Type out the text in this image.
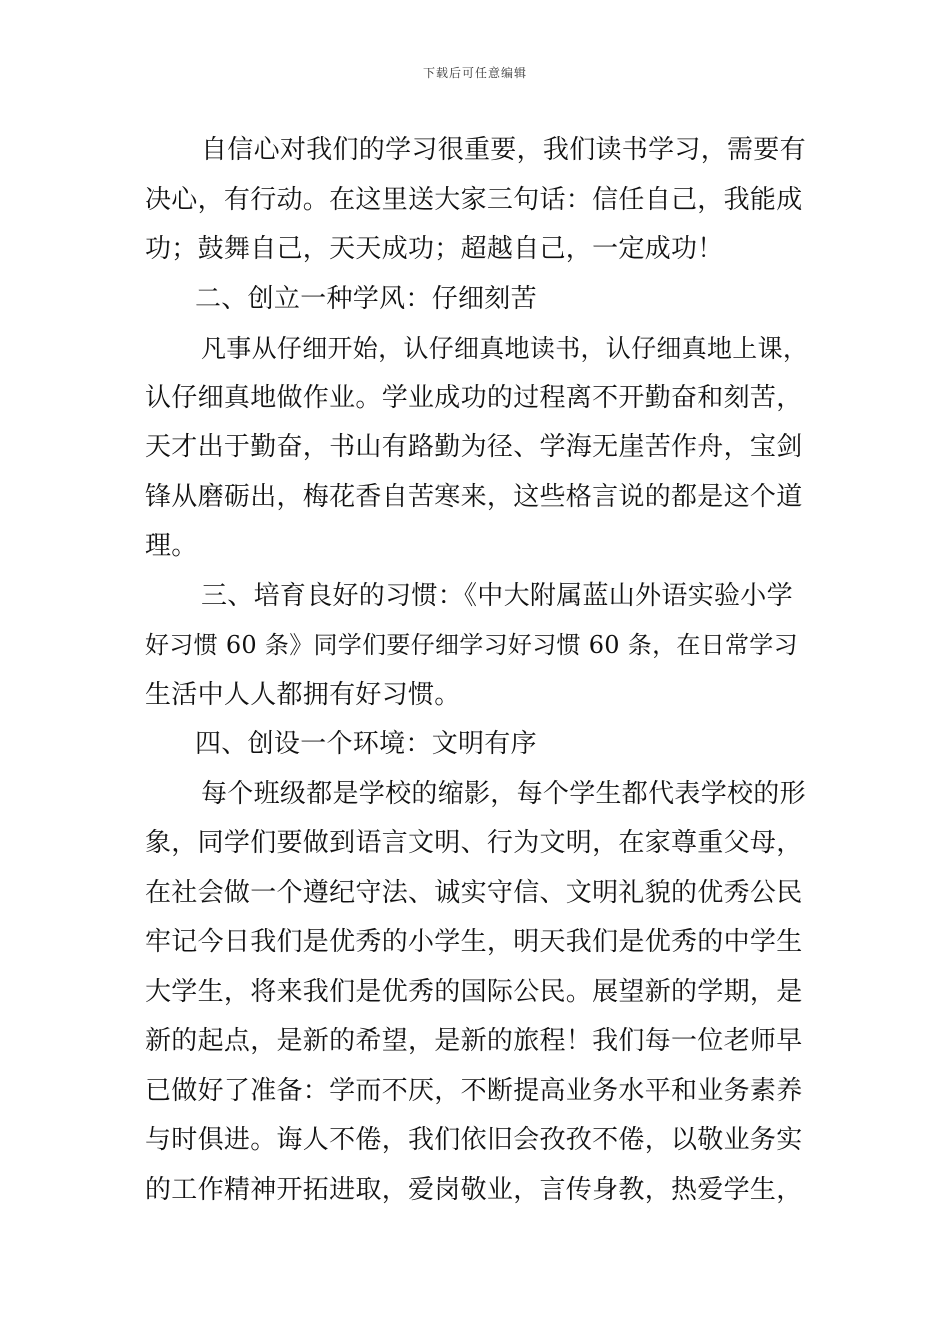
下载后可任意编辑
自信心对我们的学习很重要，我们读书学习，需要有
决心，有行动。在这里送大家三句话：信任自己，我能成
功；鼓舞自己，天天成功；超越自己，一定成功！
二、创立一种学风：仔细刻苦
凡事从仔细开始，认仔细真地读书，认仔细真地上课，
认仔细真地做作业。学业成功的过程离不开勤奋和刻苦，
天才出于勤奋，书山有路勤为径、学海无崖苦作舟，宝剑
锋从磨砺出，梅花香自苦寒来，这些格言说的都是这个道
理。
三、培育良好的习惯：《中大附属蓝山外语实验小学
好习惯 60 条》同学们要仔细学习好习惯 60 条，在日常学习
生活中人人都拥有好习惯。
四、创设一个环境：文明有序
每个班级都是学校的缩影，每个学生都代表学校的形
象，同学们要做到语言文明、行为文明，在家尊重父母，
在社会做一个遵纪守法、诚实守信、文明礼貌的优秀公民
牢记今日我们是优秀的小学生，明天我们是优秀的中学生
大学生，将来我们是优秀的国际公民。展望新的学期，是
新的起点，是新的希望，是新的旅程！我们每一位老师早
已做好了准备：学而不厌，不断提高业务水平和业务素养
与时俱进。诲人不倦，我们依旧会孜孜不倦，以敬业务实
的工作精神开拓进取，爱岗敬业，言传身教，热爱学生，
